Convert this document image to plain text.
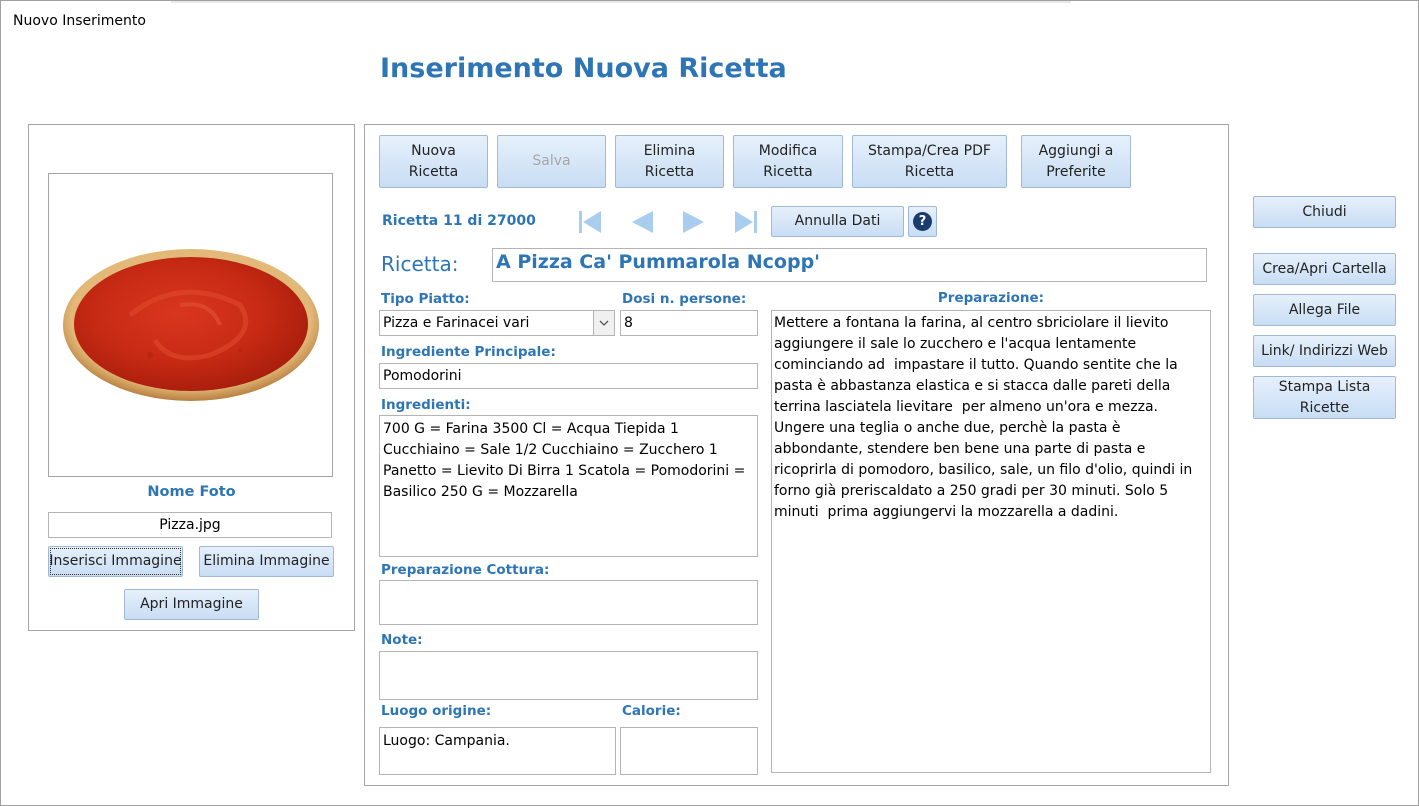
Nuovo Inserimento
Inserimento Nuova Ricetta
Nome Foto
Pizza.jpg
Inserisci Immagine	Elimina Immagine
Apri Immagine
Nuova
Ricetta
Salva
Elimina
Ricetta
Modifica
Ricetta
Stampa/Crea PDF
Ricetta
Aggiungi a
Preferite
Ricetta 11 di 27000	Annulla Dati	?
Ricetta: A Pizza Ca' Pummarola Ncopp'
Tipo Piatto:
Pizza e Farinacei vari
Dosi n. persone:
8
Ingrediente Principale:
Pomodorini
Ingredienti:
700 G = Farina 3500 Cl = Acqua Tiepida 1 Cucchiaino = Sale 1/2 Cucchiaino = Zucchero 1 Panetto = Lievito Di Birra 1 Scatola = Pomodorini = Basilico 250 G = Mozzarella
Preparazione Cottura:
Note:
Luogo origine:
Luogo: Campania.
Calorie:
Preparazione:
Mettere a fontana la farina, al centro sbriciolare il lievito aggiungere il sale lo zucchero e l'acqua lentamente cominciando ad  impastare il tutto. Quando sentite che la pasta è abbastanza elastica e si stacca dalle pareti della terrina lasciatela lievitare  per almeno un'ora e mezza. Ungere una teglia o anche due, perchè la pasta è abbondante, stendere ben bene una parte di pasta e ricoprirla di pomodoro, basilico, sale, un filo d'olio, quindi in forno già preriscaldato a 250 gradi per 30 minuti. Solo 5 minuti  prima aggiungervi la mozzarella a dadini.
Chiudi
Crea/Apri Cartella
Allega File
Link/ Indirizzi Web
Stampa Lista
Ricette
